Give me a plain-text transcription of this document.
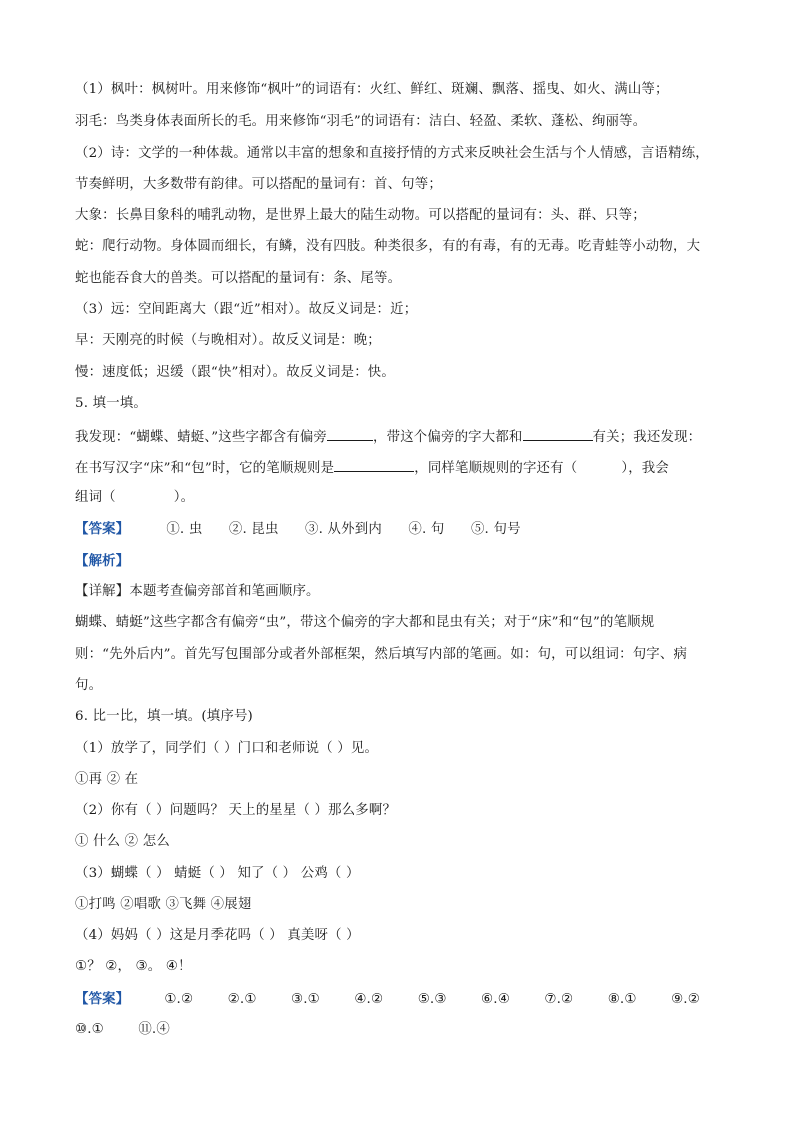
（1）枫叶：枫树叶。用来修饰“枫叶”的词语有：火红、鲜红、斑斓、飘落、摇曳、如火、满山等；
羽毛：鸟类身体表面所长的毛。用来修饰“羽毛”的词语有：洁白、轻盈、柔软、蓬松、绚丽等。
（2）诗：文学的一种体裁。通常以丰富的想象和直接抒情的方式来反映社会生活与个人情感，言语精练，
节奏鲜明，大多数带有韵律。可以搭配的量词有：首、句等；
大象：长鼻目象科的哺乳动物，是世界上最大的陆生动物。可以搭配的量词有：头、群、只等；
蛇：爬行动物。身体圆而细长，有鳞，没有四肢。种类很多，有的有毒，有的无毒。吃青蛙等小动物，大
蛇也能吞食大的兽类。可以搭配的量词有：条、尾等。
（3）远：空间距离大（跟“近”相对）。故反义词是：近；
早：天刚亮的时候（与晚相对）。故反义词是：晚；
慢：速度低；迟缓（跟“快”相对）。故反义词是：快。
5. 填一填。
我发现：“蝴蝶、蜻蜓、”这些字都含有偏旁	，带这个偏旁的字大都和	有关；我还发现：
在书写汉字“床”和“包”时，它的笔顺规则是	，同样笔顺规则的字还有（	），我会
组词（	）。
【答案】	①. 虫 ②. 昆虫 ③. 从外到内 ④. 句 ⑤. 句号
【解析】
【详解】本题考查偏旁部首和笔画顺序。
蝴蝶、蜻蜓”这些字都含有偏旁“虫”，带这个偏旁的字大都和昆虫有关；对于“床”和“包”的笔顺规
则：“先外后内”。首先写包围部分或者外部框架，然后填写内部的笔画。如：句，可以组词：句字、病
句。
6. 比一比，填一填。(填序号)
（1）放学了，同学们（ ）门口和老师说（ ）见。
①再 ② 在
（2）你有（ ）问题吗？ 天上的星星（ ）那么多啊？
① 什么 ② 怎么
（3）蝴蝶（ ） 蜻蜓（ ） 知了（ ） 公鸡（ ）
①打鸣 ②唱歌 ③飞舞 ④展翅
（4）妈妈（ ）这是月季花吗（ ） 真美呀（ ）
①？ ②， ③。 ④！
【答案】	①.②	②.①	③.①	④.②	⑤.③	⑥.④	⑦.②	⑧.①	⑨.②
⑩.①	⑪.④
